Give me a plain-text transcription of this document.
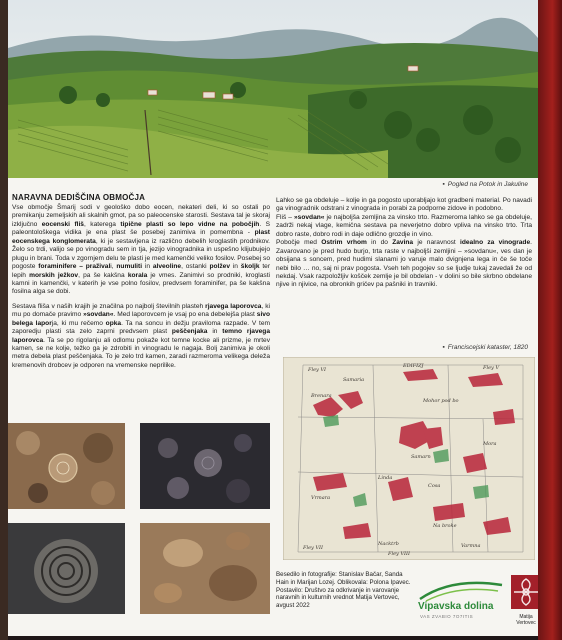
▪ Pogled na Potok in Jakuline
NARAVNA DEDIŠČINA OBMOČJA

Vse območje Šmarij sodi v geološko dobo eocen, nekateri deli, ki so ostali po premikanju zemeljskih ali skalnih gmot, pa so paleocenske starosti. Sestava tal je skoraj izključno eocenski fliš, katerega tipične plasti so lepo vidne na pobočjih. S paleontološkega vidika je ena plast še posebej zanimiva in pomembna - plast eocenskega konglomerata, ki je sestavljena iz različno debelih kroglastih prodnikov. Želo so trdi, valijo se po vinogradu sem in tja, jezijo vinogradnika in uspešno klijubujejo plugu in brani. Toda v zgornjem delu te plasti je med kamenčki veliko fosilov. Posebej so pogoste foraminifere – praživali, numuliti in alveoline, ostanki polžev in školjk ter lepih morskih ježkov, pa še kakšna korala je vmes. Zanimivi so prodniki, kroglasti kamni in kamenčki, v katerih je vse polno fosilov, predvsem foraminifer, pa še kakšna fosilna alga se dobi.

Sestava fliša v naših krajih je značilna po najbolj številnih plasteh rjavega laporovca, ki mu po domače pravimo »sovdan«. Med laporovcem je vsaj po ena debelejša plast sivo belega laporja, ki mu rečemo opka. Ta na soncu in dežju praviloma razpade. V tem zaporedju plasti sta zelo zaprni predvsem plast peščenjaka in temno rjavega laporovca. Ta se po rigolanju ali odlomu pokaže kot temne kocke ali prizme, je mrtev kamen, se ne kolje, težko ga je zdrobiti in vinogradu le nagaja. Bolj zanimiva je okoli metra debela plast peščenjaka. To je zelo trd kamen, zaradi razmeroma velikega deleža kremenovih drobcev je odporen na vremenske neprilike.

Lahko se ga obdeluje – kolje in ga pogosto uporabljajo kot gradbeni material. Po navadi ga vinogradnik odstrani z vinograda in porabi za podporne zidove in podobno.

Fliš – »sovdan« je najboljša zemljina za vinsko trto. Razmeroma lahko se ga obdeluje, zadrži nekaj vlage, kemična sestava pa neverjetno dobro vpliva na vinsko trto. Trta dobro raste, dobro rodi in daje odlično grozdje in vino.

Pobočje med Ostrim vrhom in do Zavina je naravnost idealno za vinograde. Zavarovano je pred hudo burjo, trta raste v najboljši zemljini – »sovdanu«, ves dan je obsijana s soncem, pred hudimi slanami jo varuje malo dvignjena lega in če še toče nebi bilo … no, saj ni prav pogosta. Vseh teh pogojev so se ljudje tukaj zavedali že od nekdaj. Vsak razpoložljiv košček zemlje je bil obdelan - v dolini so bile skrbno obdelane njive in njivice, na obronkih gričev pa pašniki in travniki.

▪ Franciscejski kataster, 1820
Samaria
EDIFIZJ
Mohor pod bo
Samarn
Mora
Brenara
Linda
Cosa
Vrmara
Nacktrb
Na broke
Varmna
Fley VI	Fley V
Fley VII
Fley VIII
Besedilo in fotografije: Stanislav Bačar, Sanda Hain in Marijan Lozej. Oblikovala: Polona Ipavec. Postavilo: Društvo za odkrivanje in varovanje naravnih in kulturnih vrednot Matija Vertovec, avgust 2022	Vipavska dolina
VAS ZVABIO 7O7ITIS	Matija Vertovec
